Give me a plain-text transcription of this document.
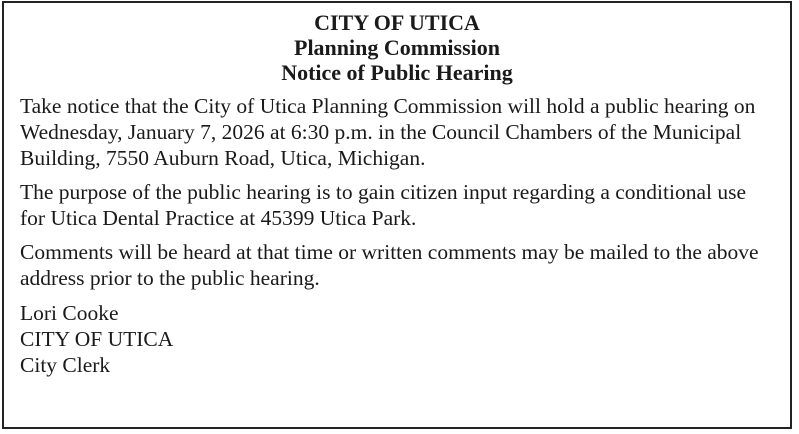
CITY OF UTICA
Planning Commission
Notice of Public Hearing

Take notice that the City of Utica Planning Commission will hold a public hearing on Wednesday, January 7, 2026 at 6:30 p.m. in the Council Chambers of the Municipal Building, 7550 Auburn Road, Utica, Michigan.

The purpose of the public hearing is to gain citizen input regarding a conditional use for Utica Dental Practice at 45399 Utica Park.

Comments will be heard at that time or written comments may be mailed to the above address prior to the public hearing.

Lori Cooke
CITY OF UTICA
City Clerk
